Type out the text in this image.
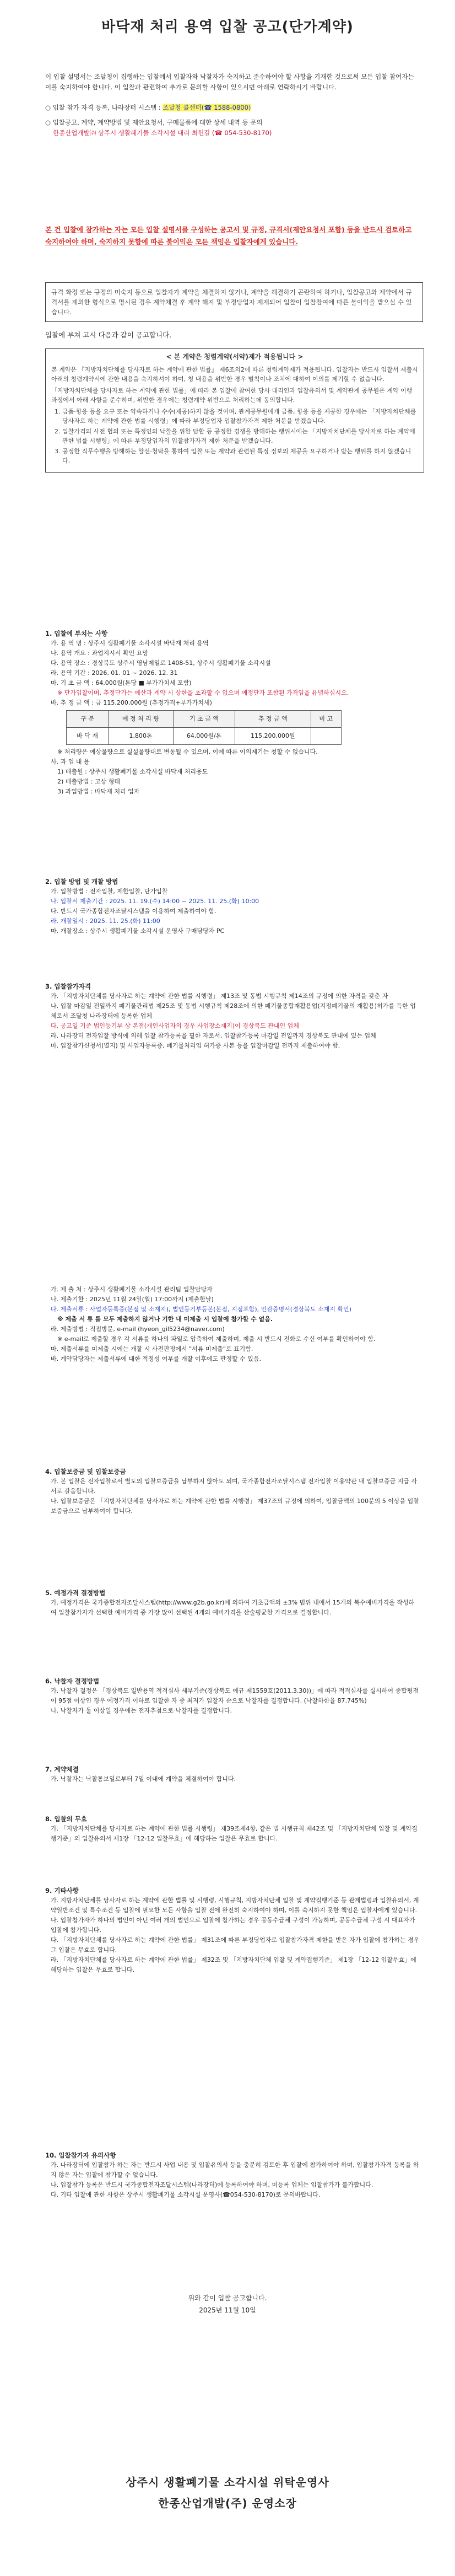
바닥재 처리 용역 입찰 공고(단가계약)

이 입찰 설명서는 조달청이 집행하는 입찰에서 입찰자와 낙찰자가 숙지하고 준수하여야 할 사항을 기재한 것으로써 모든 입찰 참여자는 이를 숙지하여야 합니다. 이 입찰과 관련하여 추가로 문의할 사항이 있으시면 아래로 연락하시기 바랍니다.

○ 입찰 참가 자격 등록, 나라장터 시스템 : 조달청 콜센터(☎ 1588-0800)

○ 입찰공고, 계약, 계약방법 및 제안요청서, 구매물품에 대한 상세 내역 등 문의
한종산업개발㈜ 상주시 생활폐기물 소각시설 대리 최헌길 (☎ 054-530-8170)

본 건 입찰에 참가하는 자는 모든 입찰 설명서를 구성하는 공고서 및 규정, 규격서(제안요청서 포함) 등을 반드시 검토하고 숙지하여야 하며, 숙지하지 못함에 따른 불이익은 모든 책임은 입찰자에게 있습니다.
규격 확정 또는 규정의 미숙지 등으로 입찰자가 계약을 체결하지 않거나, 계약을 해결하기 곤란하여 하거나, 입찰공고와 제약에서 규격서를 제외한 형식으로 명시된 경우 계약체결 후 계약 해지 및 부정당업자 제재되어 입찰이 입찰참여에 따른 불이익을 받으실 수 있습니다.
입찰에 부쳐 고시 다음과 같이 공고합니다.
< 본 계약은 청렴계약(서약)제가 적용됩니다 >

본 계약은 『지방자치단체를 당사자로 하는 계약에 관한 법률』 제6조의2에 따른 청렴계약제가 적용됩니다. 입찰자는 반드시 입찰서 제출시 아래의 청렴계약서에 관한 내용을 숙지하셔야 하며, 청 내용을 위반한 경우 벌칙이나 조치에 대하여 이의를 제기할 수 없습니다.

「지방자치단체를 당사자로 하는 계약에 관한 법률」에 따라 본 입찰에 참여한 당사 대리인과 입찰유의서 및 계약관계 공무원은 계약 이행 과정에서 아래 사항을 준수하며, 위반한 경우에는 청렴계약 위반으로 처리하는데 동의합니다.

1. 금품·향응 등을 요구 또는 약속하거나 수수(제공)하지 않을 것이며, 관계공무원에게 금품, 향응 등을 제공한 경우에는 「지방자치단체를 당사자로 하는 계약에 관한 법률 시행령」에 따라 부정당업자 입찰참가자격 제한 처분을 받겠습니다.

2. 입찰가격의 사전 협의 또는 특정인의 낙찰을 위한 담합 등 공정한 경쟁을 방해하는 행위시에는 「지방자치단체를 당사자로 하는 계약에 관한 법률 시행령」에 따른 부정당업자의 입찰참가자격 제한 처분을 받겠습니다.

3. 공정한 직무수행을 방해하는 알선·청탁을 통하여 입찰 또는 계약과 관련된 특정 정보의 제공을 요구하거나 받는 행위를 하지 않겠습니다.

1. 입찰에 부치는 사항
가. 용 역 명 : 상주시 생활폐기물 소각시설 바닥재 처리 용역
나. 용역 개요 : 과업지시서 확인 요망
다. 용역 장소 : 경상북도 상주시 영남제일로 1408-51, 상주시 생활폐기물 소각시설
라. 용역 기간 : 2026. 01. 01 ~ 2026. 12. 31
마. 기 초 금 액 : 64,000원(톤당 ■ 부가가치세 포함)
※ 단가입찰이며, 추정단가는 예산과 계약 시 상한을 초과할 수 없으며 예정단가 포함된 가격임을 유념하십시오.
바. 추 정 금 액 : 금 115,200,000원 (추정가격+부가가치세)
구 분	예 정 처 리 량	기 초 금 액	추 정 금 액	비 고
바 닥 재	1,800톤	64,000원/톤	115,200,000원	
※ 처리량은 예상물량으로 실설물량대로 변동될 수 있으며, 이에 따른 이의제기는 청할 수 없습니다.
사. 과 업 내 용
1) 배출원 : 상주시 생활폐기물 소각시설 바닥재 처리용도
2) 배출방법 : 고상 형태
3) 과업방법 : 바닥재 처리 업자
2. 입찰 방법 및 개찰 방법
가. 입찰방법 : 전자입찰, 제한입찰, 단가입찰
나. 입찰서 제출기간 : 2025. 11. 19.(수) 14:00 ~ 2025. 11. 25.(화) 10:00
다. 반드시 국가종합전자조달시스템을 이용하여 제출하여야 함.
라. 개찰일시 : 2025. 11. 25.(화) 11:00
마. 개찰장소 : 상주시 생활폐기물 소각시설 운영사 구매담당자 PC
3. 입찰참가자격
가. 「지방자치단체를 당사자로 하는 계약에 관한 법률 시행령」 제13조 및 동법 시행규칙 제14조의 규정에 의한 자격을 갖춘 자
나. 입찰 마감일 전일까지 폐기물관리법 제25조 및 동법 시행규칙 제28조에 의한 폐기물종합재활용업(지정폐기물의 재활용)허가를 득한 업체로서 조달청 나라장터에 등록한 업체
다. 공고일 기준 법인등기부 상 본점(개인사업자의 경우 사업장소재지)이 경상북도 관내인 업체
라. 나라장터 전자입찰 방식에 의해 입찰 참가등록을 필한 자로서, 입찰참가등록 마감일 전일까지 경상북도 관내에 있는 업체
마. 입찰참가신청서(별지) 및 사업자등록증, 폐기물처리업 허가증 사본 등을 입찰마감일 전까지 제출하여야 함.
가. 제 출 처 : 상주시 생활폐기물 소각시설 관리팀 입찰담당자
나. 제출기한 : 2025년 11월 24일(월) 17:00까지 (제출한날)
다. 제출서류 : 사업자등록증(본점 및 소재지), 법인등기부등본(본점, 지점포함), 인감증명서(경상북도 소재지 확인)
※ 제출 서 류 를 모두 제출하지 않거나 기한 내 미제출 시 입찰에 참가할 수 없음.
라. 제출방법 : 직접방문, e-mail (hyeon_gil5234@naver.com)
※ e-mail로 제출할 경우 각 서류를 하나의 파일로 압축하여 제출하며, 제출 시 반드시 전화로 수신 여부를 확인하여야 함.
마. 제출서류를 미제출 시에는 개찰 시 사전판정에서 "서류 미제출"로 표기함.
바. 계약담당자는 제출서류에 대한 적정성 여부를 개찰 이후에도 판정할 수 있음.
4. 입찰보증금 및 입찰보증금
가. 본 입찰은 전자입찰로서 별도의 입찰보증금을 납부하지 않아도 되며, 국가종합전자조달시스템 전자입찰 이용약관 내 입찰보증금 지급 각서로 갈음합니다.
나. 입찰보증금은 「지방자치단체를 당사자로 하는 계약에 관한 법률 시행령」 제37조의 규정에 의하여, 입찰금액의 100분의 5 이상을 입찰보증금으로 납부하여야 합니다.
5. 예정가격 결정방법
가. 예정가격은 국가종합전자조달시스템(http://www.g2b.go.kr)에 의하여 기초금액의 ±3% 범위 내에서 15개의 복수예비가격을 작성하여 입찰참가자가 선택한 예비가격 중 가장 많이 선택된 4개의 예비가격을 산술평균한 가격으로 결정합니다.
6. 낙찰자 결정방법
가. 낙찰자 결정은 「경상북도 일반용역 적격심사 세부기준(경상북도 예규 제1559호(2011.3.30))」에 따라 적격심사를 실시하여 종합평점이 95점 이상인 경우 예정가격 이하로 입찰한 자 중 최저가 입찰자 순으로 낙찰자를 결정합니다. (낙찰하한율 87.745%)
나. 낙찰자가 둘 이상일 경우에는 전자추첨으로 낙찰자를 결정합니다.
7. 계약체결
가. 낙찰자는 낙찰통보일로부터 7일 이내에 계약을 체결하여야 합니다.
8. 입찰의 무효
가. 「지방자치단체를 당사자로 하는 계약에 관한 법률 시행령」 제39조제4항, 같은 법 시행규칙 제42조 및 「지방자치단체 입찰 및 계약집행기준」의 입찰유의서 제1장 「12-12 입찰무효」에 해당하는 입찰은 무효로 합니다.
9. 기타사항
가. 지방자치단체를 당사자로 하는 계약에 관한 법률 및 시행령, 시행규칙, 지방자치단체 입찰 및 계약집행기준 등 관계법령과 입찰유의서, 계약일반조건 및 특수조건 등 입찰에 필요한 모든 사항을 입찰 전에 완전히 숙지하여야 하며, 이를 숙지하지 못한 책임은 입찰자에게 있습니다.
나. 입찰참가자가 하나의 법인이 아닌 여러 개의 법인으로 입찰에 참가하는 경우 공동수급체 구성이 가능하며, 공동수급체 구성 시 대표자가 입찰에 참가합니다.
다. 「지방자치단체를 당사자로 하는 계약에 관한 법률」 제31조에 따른 부정당업자로 입찰참가자격 제한을 받은 자가 입찰에 참가하는 경우 그 입찰은 무효로 합니다.
라. 「지방자치단체를 당사자로 하는 계약에 관한 법률」 제32조 및 「지방자치단체 입찰 및 계약집행기준」 제1장 「12-12 입찰무효」에 해당하는 입찰은 무효로 합니다.
10. 입찰참가자 유의사항
가. 나라장터에 입찰참가 하는 자는 반드시 사업 내용 및 입찰유의서 등을 충분히 검토한 후 입찰에 참가하여야 하며, 입찰참가자격 등록을 하지 않은 자는 입찰에 참가할 수 없습니다.
나. 입찰참가 등록은 반드시 국가종합전자조달시스템(나라장터)에 등록하여야 하며, 미등록 업체는 입찰참가가 불가합니다.
다. 기타 입찰에 관한 사항은 상주시 생활폐기물 소각시설 운영사(☎054-530-8170)로 문의바랍니다.
위와 같이 입찰 공고합니다.
2025년 11월 10일
상주시 생활폐기물 소각시설 위탁운영사
한종산업개발(주) 운영소장
